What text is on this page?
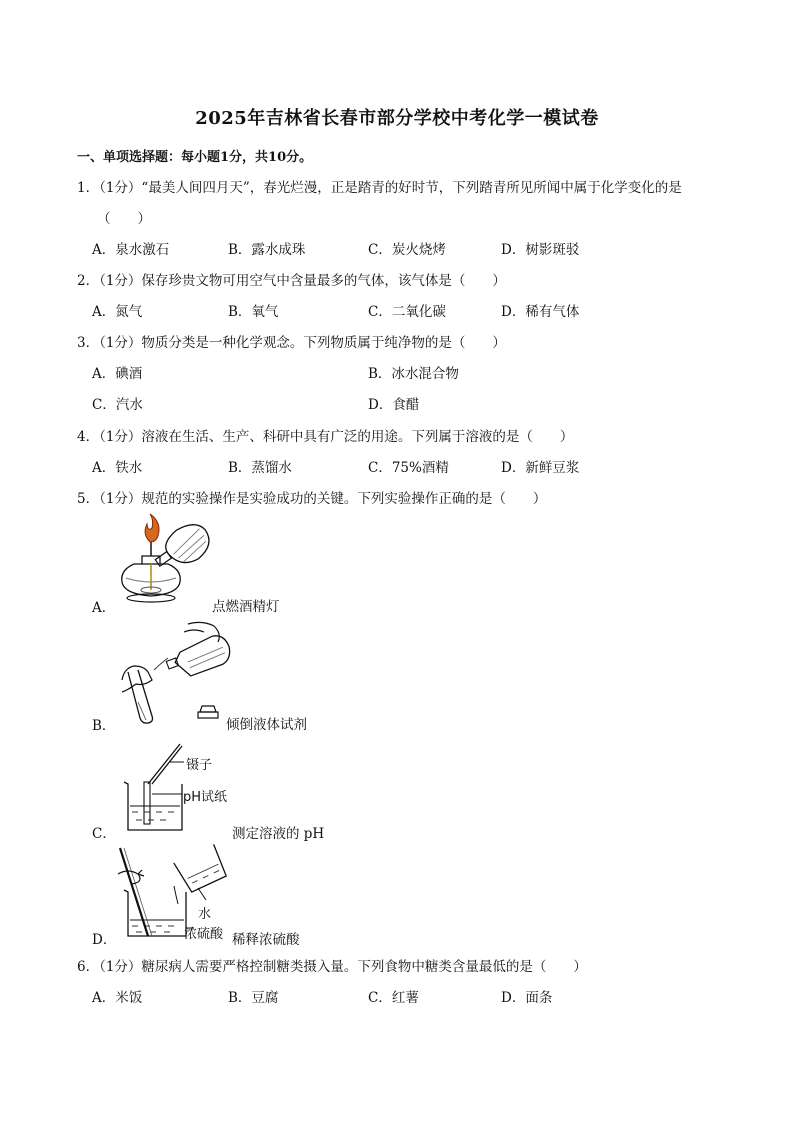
2025年吉林省长春市部分学校中考化学一模试卷
一、单项选择题：每小题1分，共10分。
1．（1分）“最美人间四月天”，春光烂漫，正是踏青的好时节，下列踏青所见所闻中属于化学变化的是
（　　）
A．泉水激石	B．露水成珠	C．炭火烧烤	D．树影斑驳
2．（1分）保存珍贵文物可用空气中含量最多的气体，该气体是（　　）
A．氮气	B．氧气	C．二氧化碳	D．稀有气体
3．（1分）物质分类是一种化学观念。下列物质属于纯净物的是（　　）
A．碘酒	B．冰水混合物
C．汽水	D．食醋
4．（1分）溶液在生活、生产、科研中具有广泛的用途。下列属于溶液的是（　　）
A．铁水	B．蒸馏水	C．75%酒精	D．新鲜豆浆
5．（1分）规范的实验操作是实验成功的关键。下列实验操作正确的是（　　）
A．	点燃酒精灯
B．	倾倒液体试剂
镊子
pH试纸
C．	测定溶液的 pH
水
浓硫酸
D．	稀释浓硫酸
6．（1分）糖尿病人需要严格控制糖类摄入量。下列食物中糖类含量最低的是（　　）
A．米饭	B．豆腐	C．红薯	D．面条
